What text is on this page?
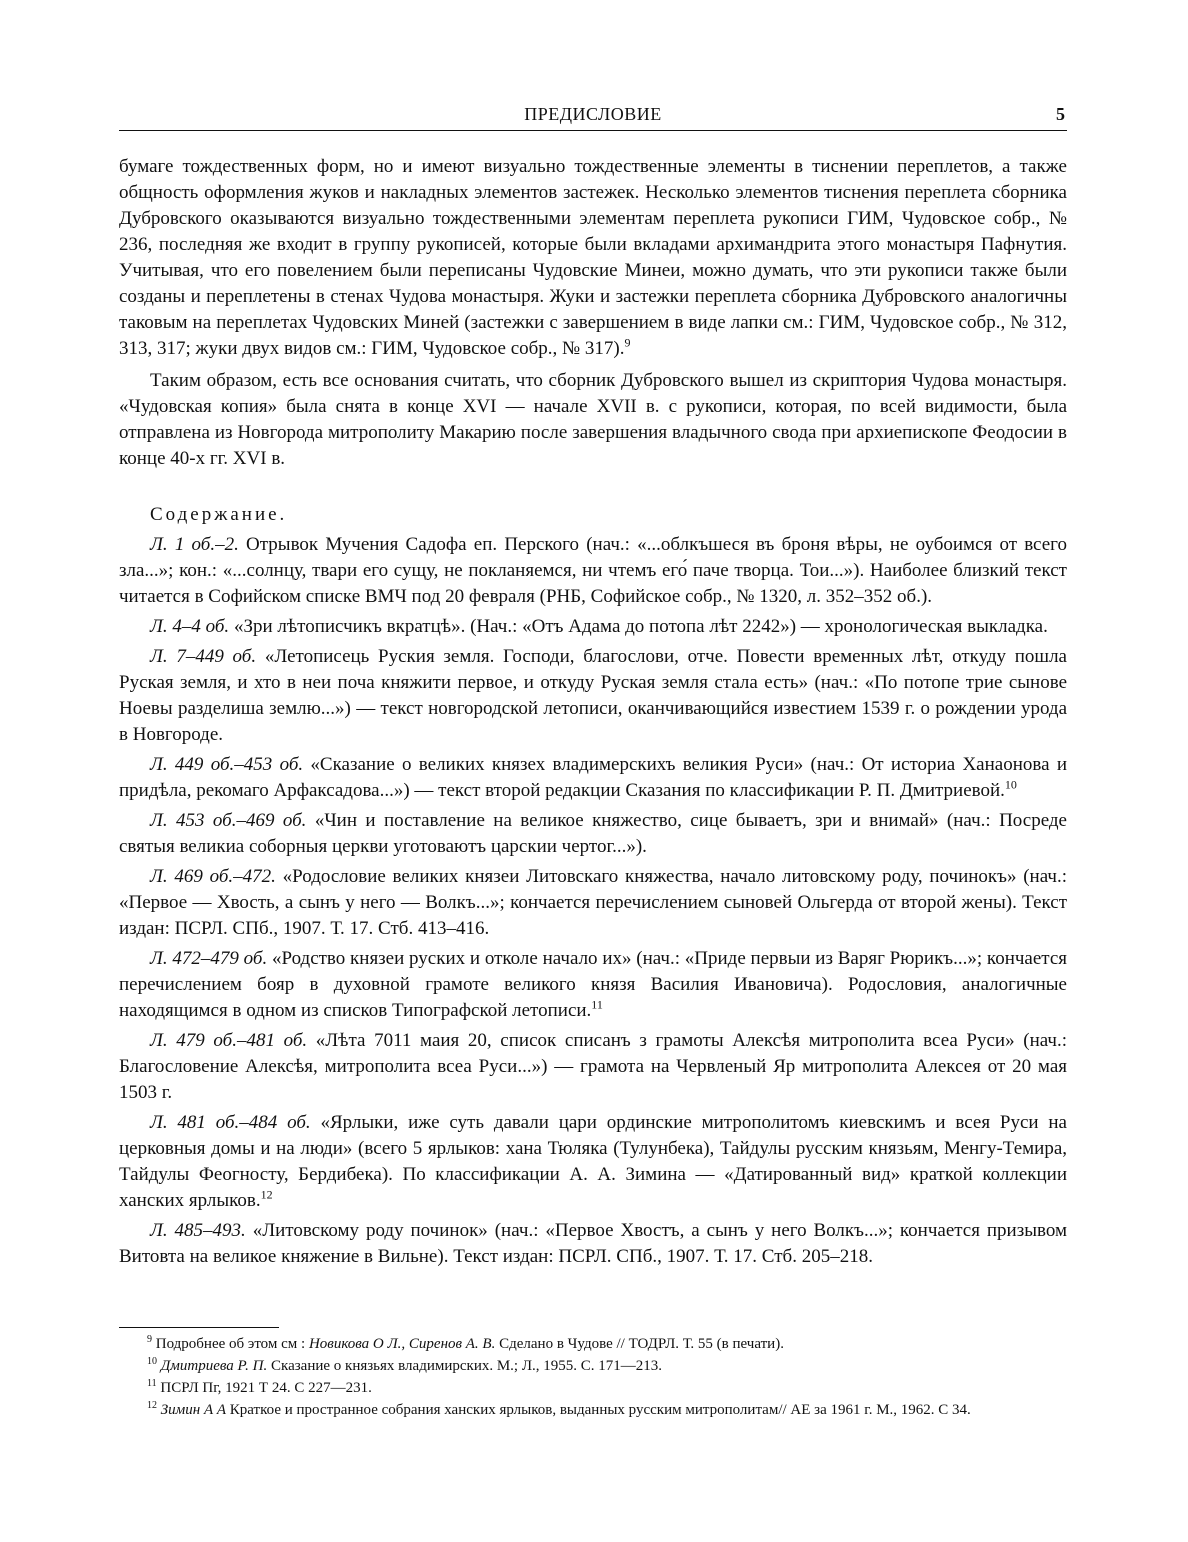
ПРЕДИСЛОВИЕ	5

бумаге тождественных форм, но и имеют визуально тождественные элементы в тиснении переплетов, а также общность оформления жуков и накладных элементов застежек. Несколько элементов тиснения переплета сборника Дубровского оказываются визуально тождественными элементам переплета рукописи ГИМ, Чудовское собр., № 236, последняя же входит в группу рукописей, которые были вкладами архимандрита этого монастыря Пафнутия. Учитывая, что его повелением были переписаны Чудовские Минеи, можно думать, что эти рукописи также были созданы и переплетены в стенах Чудова монастыря. Жуки и застежки переплета сборника Дубровского аналогичны таковым на переплетах Чудовских Миней (застежки с завершением в виде лапки см.: ГИМ, Чудовское собр., № 312, 313, 317; жуки двух видов см.: ГИМ, Чудовское собр., № 317).$^9$

Таким образом, есть все основания считать, что сборник Дубровского вышел из скриптория Чудова монастыря. «Чудовская копия» была снята в конце XVI — начале XVII в. с рукописи, которая, по всей видимости, была отправлена из Новгорода митрополиту Макарию после завершения владычного свода при архиепископе Феодосии в конце 40-х гг. XVI в.

Содержание.

Л. 1 об.–2. Отрывок Мучения Садофа еп. Перского (нач.: «...облкъшеся въ броня вѣры, не оубоимся от всего зла...»; кон.: «...солнцу, твари его сущу, не покланяемся, ни чтемъ его́ паче творца. Тои...»). Наиболее близкий текст читается в Софийском списке ВМЧ под 20 февраля (РНБ, Софийское собр., № 1320, л. 352–352 об.).

Л. 4–4 об. «Зри лѣтописчикъ вкратцѣ». (Нач.: «Отъ Адама до потопа лѣт 2242») — хронологическая выкладка.

Л. 7–449 об. «Летописець Руския земля. Господи, благослови, отче. Повести временных лѣт, откуду пошла Руская земля, и хто в неи поча княжити первое, и откуду Руская земля стала есть» (нач.: «По потопе трие сынове Ноевы разделиша землю...») — текст новгородской летописи, оканчивающийся известием 1539 г. о рождении урода в Новгороде.

Л. 449 об.–453 об. «Сказание о великих князех владимерскихъ великия Руси» (нач.: От историа Ханаонова и придѣла, рекомаго Арфаксадова...») — текст второй редакции Сказания по классификации Р. П. Дмитриевой.$^{10}$

Л. 453 об.–469 об. «Чин и поставление на великое княжество, сице бываетъ, зри и внимай» (нач.: Посреде святыя великиа соборныя церкви уготоваютъ царскии чертог...»).

Л. 469 об.–472. «Родословие великих князеи Литовскаго княжества, начало литовскому роду, починокъ» (нач.: «Первое — Хвость, а сынъ у него — Волкъ...»; кончается перечислением сыновей Ольгерда от второй жены). Текст издан: ПСРЛ. СПб., 1907. Т. 17. Стб. 413–416.

Л. 472–479 об. «Родство князеи руских и отколе начало их» (нач.: «Приде первыи из Варяг Рюрикъ...»; кончается перечислением бояр в духовной грамоте великого князя Василия Ивановича). Родословия, аналогичные находящимся в одном из списков Типографской летописи.$^{11}$

Л. 479 об.–481 об. «Лѣта 7011 маия 20, список списанъ з грамоты Алексѣя митрополита всеа Руси» (нач.: Благословение Алексѣя, митрополита всеа Руси...») — грамота на Червленый Яр митрополита Алексея от 20 мая 1503 г.

Л. 481 об.–484 об. «Ярлыки, иже суть давали цари ординские митрополитомъ киевскимъ и всея Руси на церковныя домы и на люди» (всего 5 ярлыков: хана Тюляка (Тулунбека), Тайдулы русским князьям, Менгу-Темира, Тайдулы Феогносту, Бердибека). По классификации А. А. Зимина — «Датированный вид» краткой коллекции ханских ярлыков.$^{12}$

Л. 485–493. «Литовскому роду починок» (нач.: «Первое Хвостъ, а сынъ у него Волкъ...»; кончается призывом Витовта на великое княжение в Вильне). Текст издан: ПСРЛ. СПб., 1907. Т. 17. Стб. 205–218.

$^9$ Подробнее об этом см : Новикова О Л., Сиренов А. В. Сделано в Чудове // ТОДРЛ. Т. 55 (в печати).

$^{10}$ Дмитриева Р. П. Сказание о князьях владимирских. М.; Л., 1955. С. 171—213.

$^{11}$ ПСРЛ Пг, 1921 Т 24. С 227—231.

$^{12}$ Зимин А А Краткое и пространное собрания ханских ярлыков, выданных русским митрополитам// АЕ за 1961 г. М., 1962. С 34.
